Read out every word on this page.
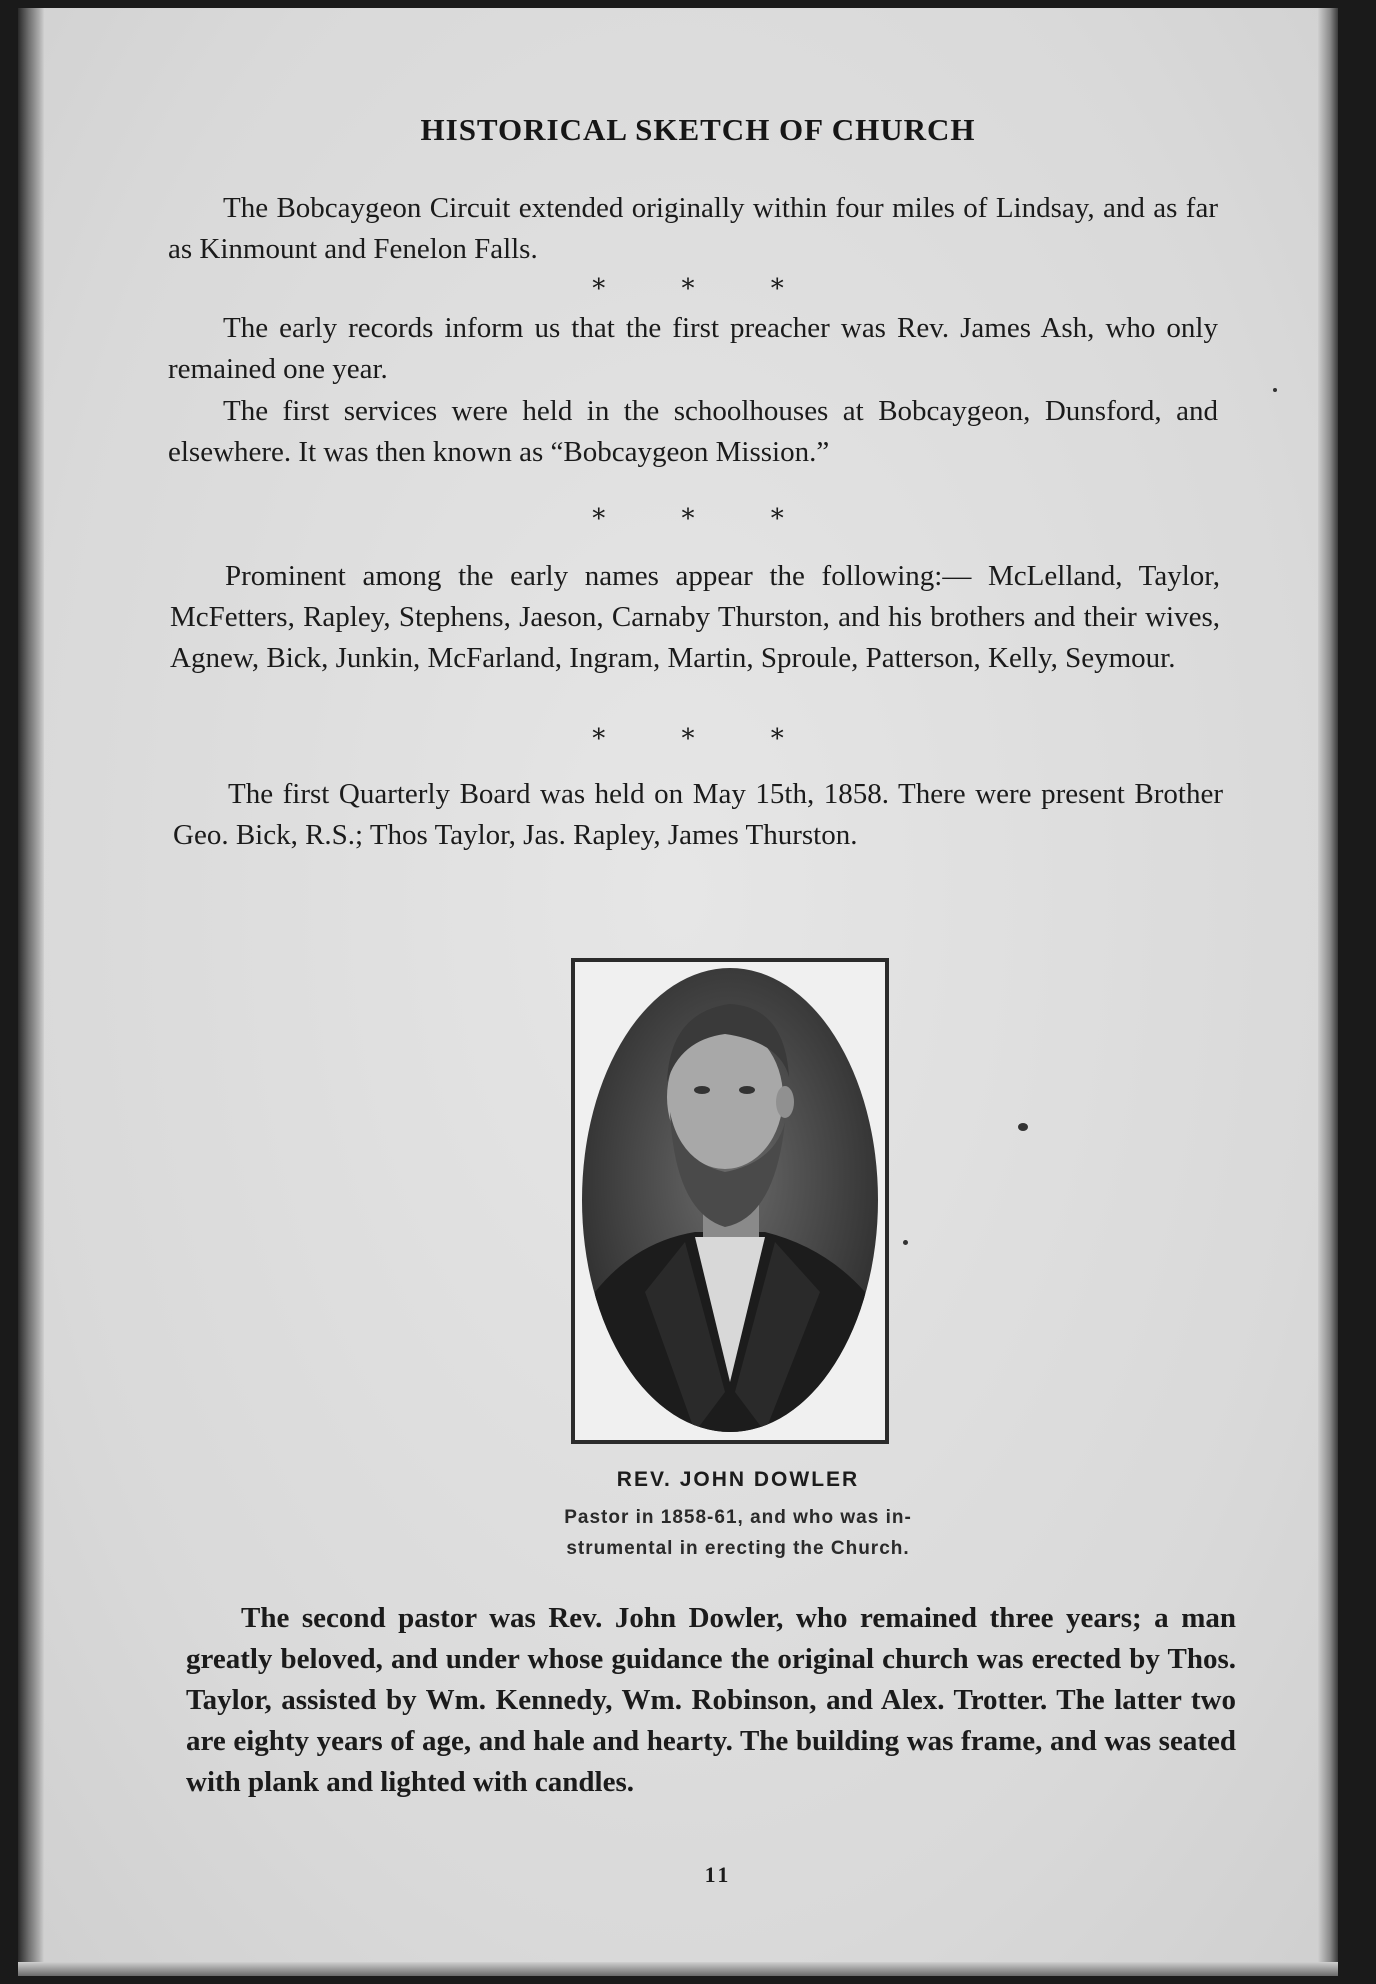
HISTORICAL SKETCH OF CHURCH

The Bobcaygeon Circuit extended originally within four miles of Lindsay, and as far as Kinmount and Fenelon Falls.

* * *

The early records inform us that the first preacher was Rev. James Ash, who only remained one year.

The first services were held in the schoolhouses at Bobcaygeon, Dunsford, and elsewhere. It was then known as “Bobcaygeon Mission.”

* * *

Prominent among the early names appear the following:— McLelland, Taylor, McFetters, Rapley, Stephens, Jaeson, Carnaby Thurston, and his brothers and their wives, Agnew, Bick, Junkin, McFarland, Ingram, Martin, Sproule, Patterson, Kelly, Seymour.

* * *

The first Quarterly Board was held on May 15th, 1858. There were present Brother Geo. Bick, R.S.; Thos Taylor, Jas. Rapley, James Thurston.

REV. JOHN DOWLER
Pastor in 1858-61, and who was in-
strumental in erecting the Church.

The second pastor was Rev. John Dowler, who remained three years; a man greatly beloved, and under whose guidance the original church was erected by Thos. Taylor, assisted by Wm. Kennedy, Wm. Robinson, and Alex. Trotter. The latter two are eighty years of age, and hale and hearty. The building was frame, and was seated with plank and lighted with candles.

11
